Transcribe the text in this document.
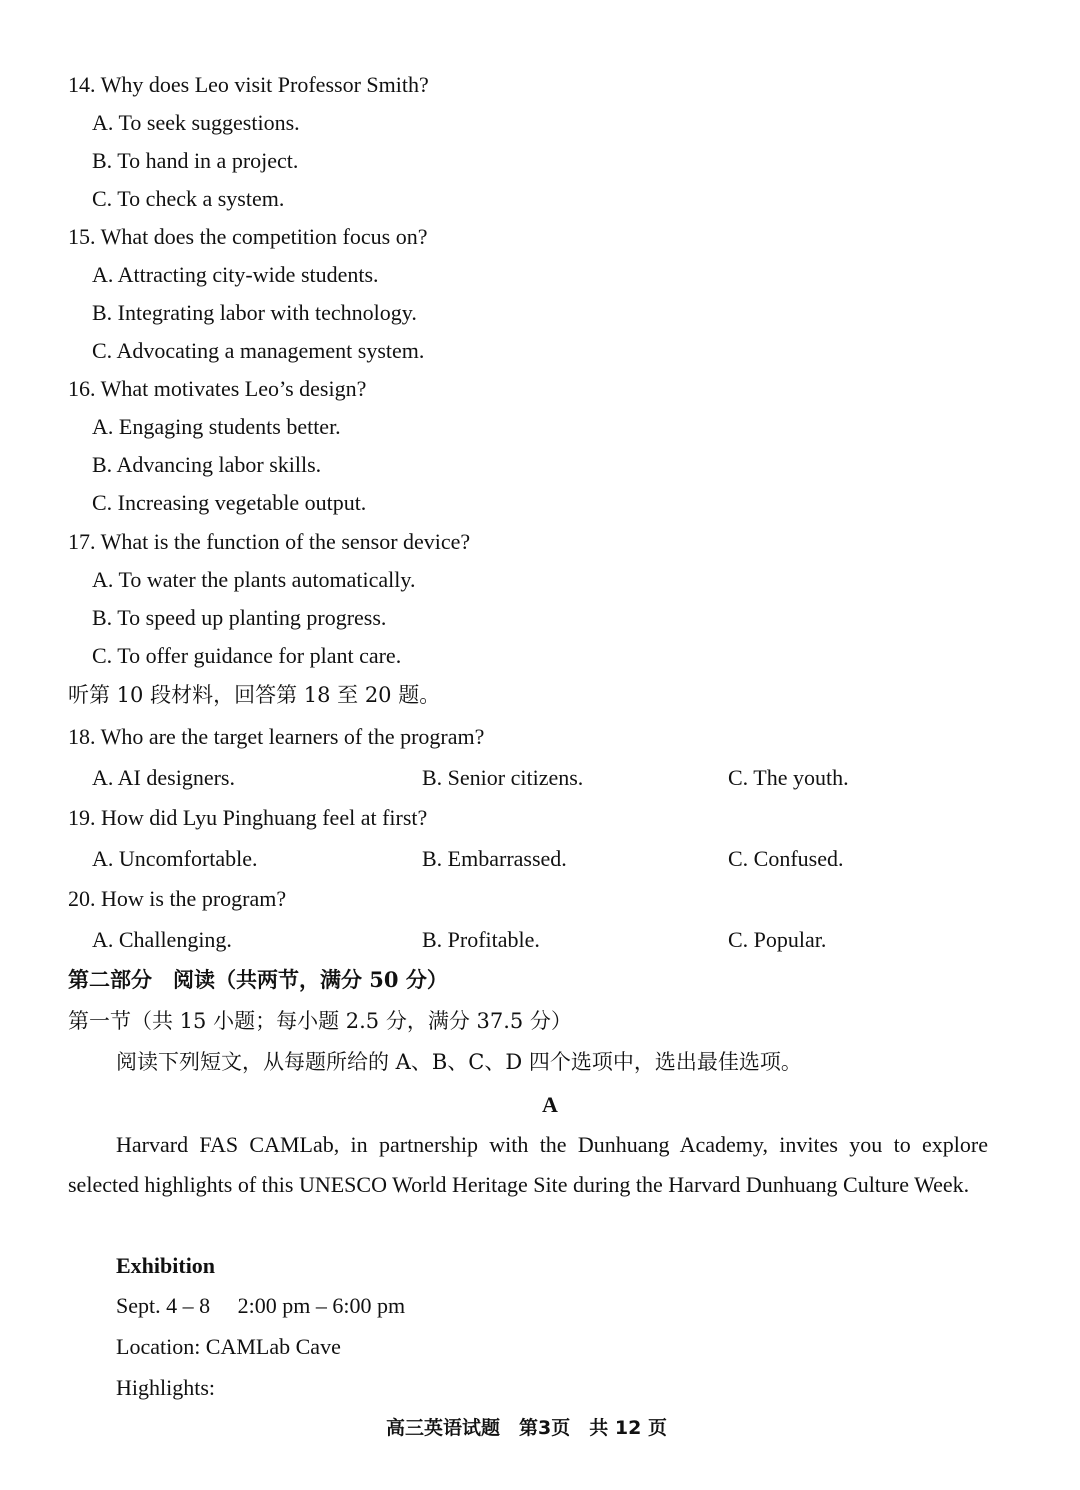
14. Why does Leo visit Professor Smith?
A. To seek suggestions.
B. To hand in a project.
C. To check a system.
15. What does the competition focus on?
A. Attracting city-wide students.
B. Integrating labor with technology.
C. Advocating a management system.
16. What motivates Leo’s design?
A. Engaging students better.
B. Advancing labor skills.
C. Increasing vegetable output.
17. What is the function of the sensor device?
A. To water the plants automatically.
B. To speed up planting progress.
C. To offer guidance for plant care.
听第 10 段材料，回答第 18 至 20 题。
18. Who are the target learners of the program?
A. AI designers.	B. Senior citizens.	C. The youth.
19. How did Lyu Pinghuang feel at first?
A. Uncomfortable.	B. Embarrassed.	C. Confused.
20. How is the program?
A. Challenging.	B. Profitable.	C. Popular.
第二部分　阅读（共两节，满分 50 分）
第一节（共 15 小题；每小题 2.5 分，满分 37.5 分）
阅读下列短文，从每题所给的 A、B、C、D 四个选项中，选出最佳选项。
A
Harvard FAS CAMLab, in partnership with the Dunhuang Academy, invites you to explore selected highlights of this UNESCO World Heritage Site during the Harvard Dunhuang Culture Week.
Exhibition
Sept. 4 – 8　 2:00 pm – 6:00 pm
Location: CAMLab Cave
Highlights:
高三英语试题　第3页　共 12 页
